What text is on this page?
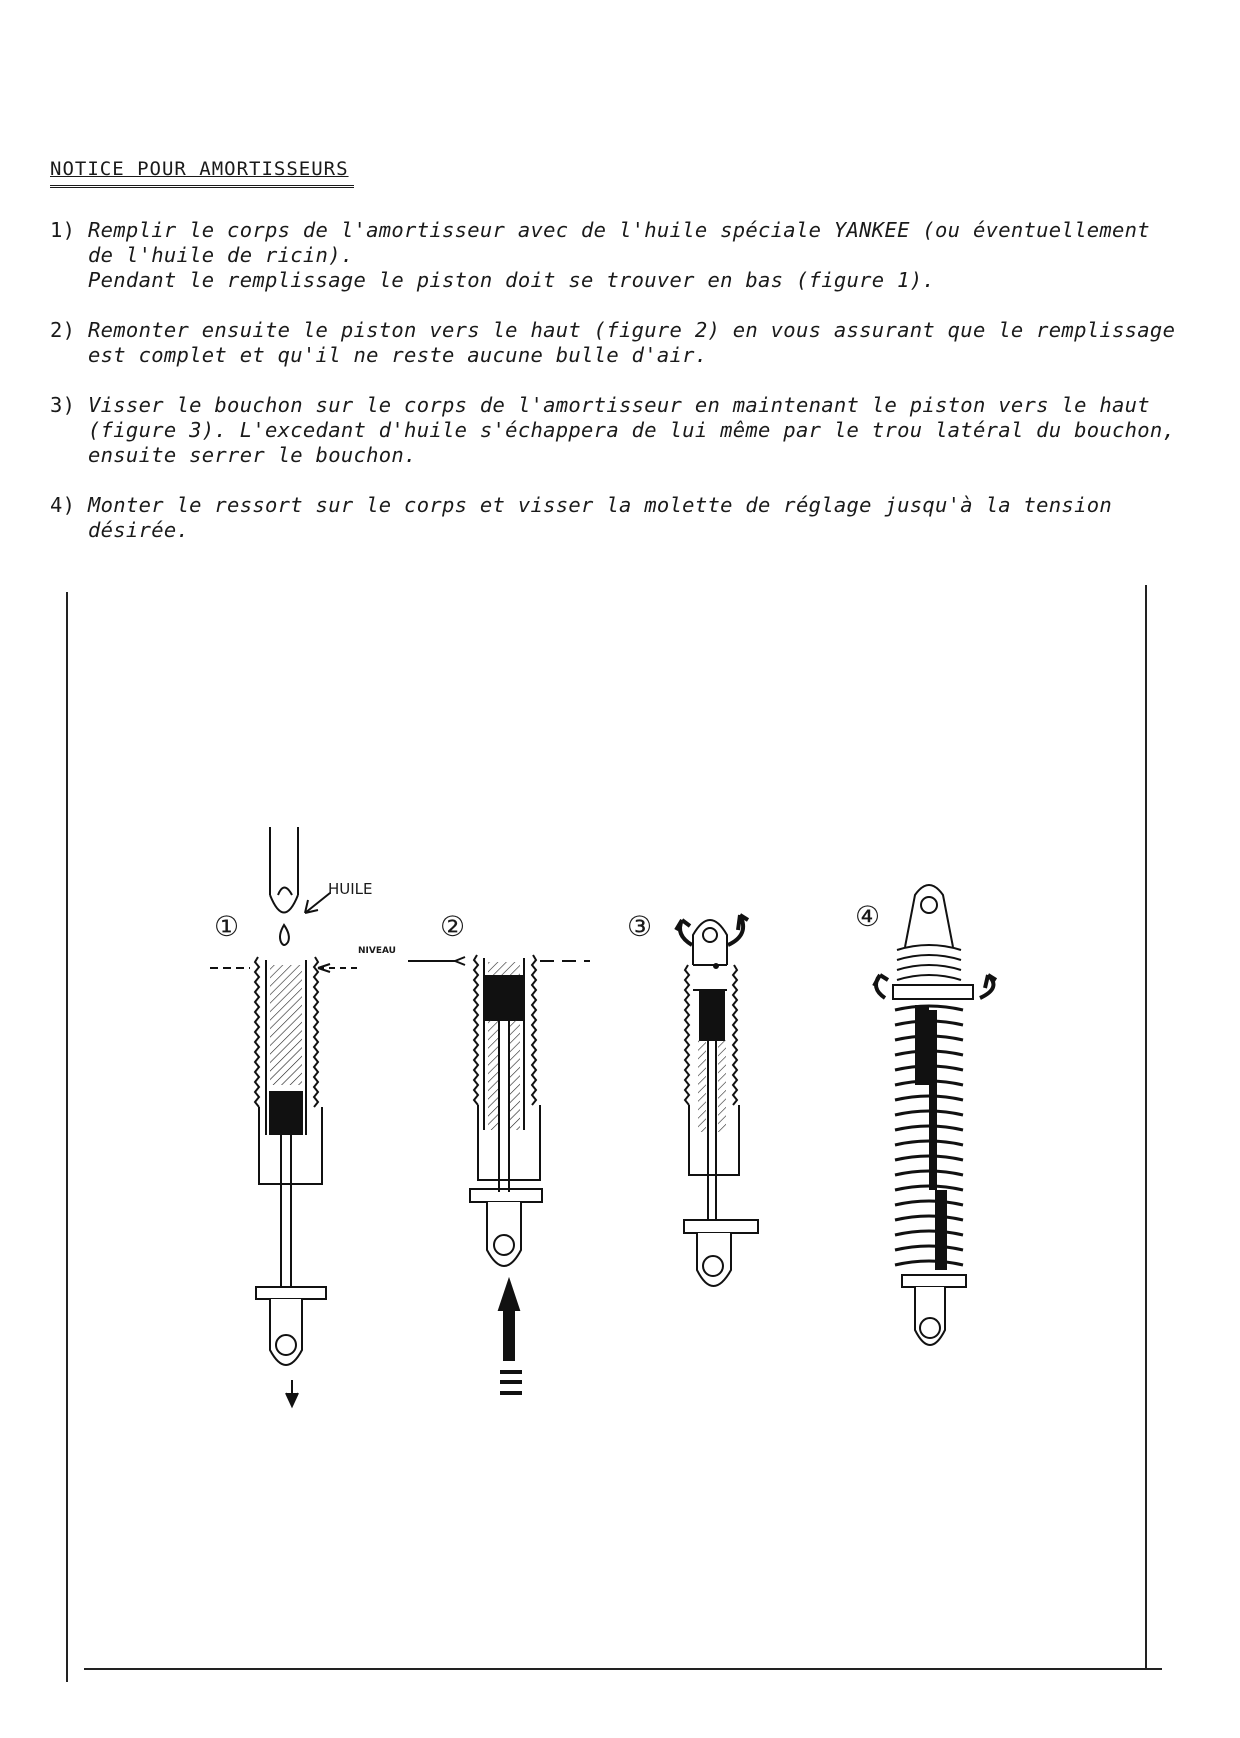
NOTICE POUR AMORTISSEURS
1) Remplir le corps de l'amortisseur avec de l'huile spéciale YANKEE (ou éventuellement
de l'huile de ricin).
Pendant le remplissage le piston doit se trouver en bas (figure 1).
2) Remonter ensuite le piston vers le haut (figure 2) en vous assurant que le remplissage
est complet et qu'il ne reste aucune bulle d'air.
3) Visser le bouchon sur le corps de l'amortisseur en maintenant le piston vers le haut
(figure 3). L'excedant d'huile s'échappera de lui même par le trou latéral du bouchon,
ensuite serrer le bouchon.
4) Monter le ressort sur le corps et visser la molette de réglage jusqu'à la tension
désirée.
HUILE
NIVEAU
①	②	③	④
